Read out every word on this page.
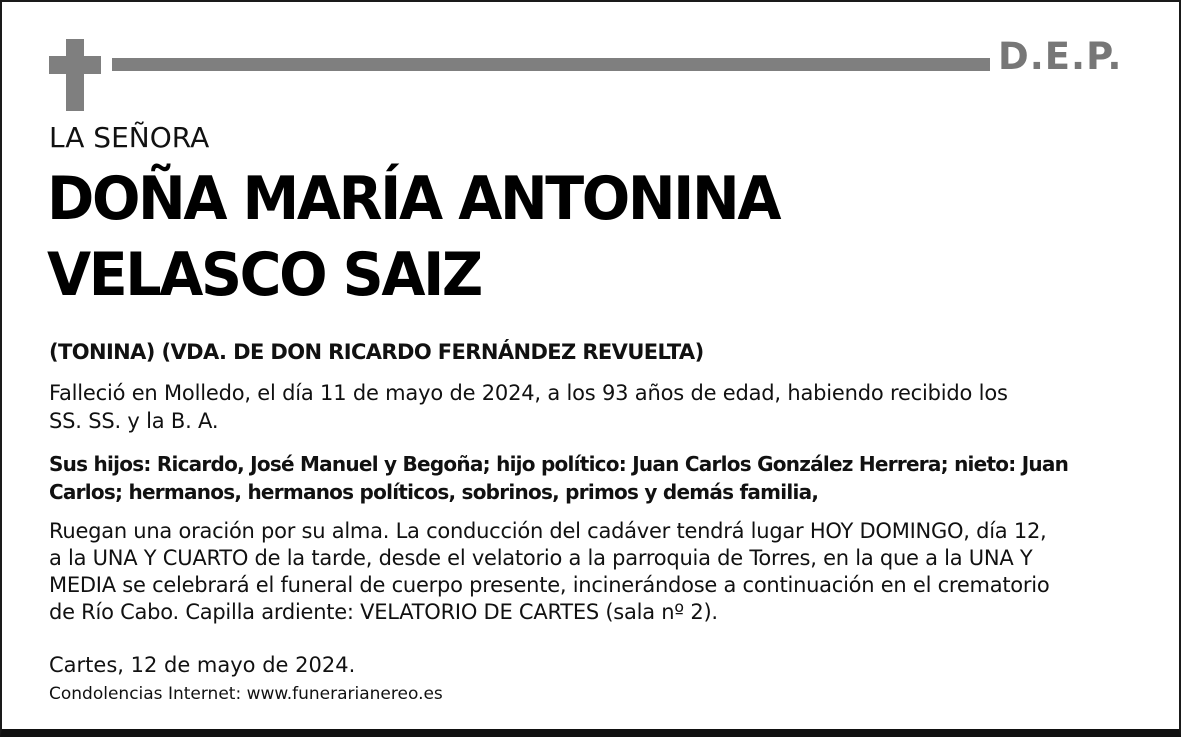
D.E.P.
LA SEÑORA
DOÑA MARÍA ANTONINA
VELASCO SAIZ
(TONINA) (VDA. DE DON RICARDO FERNÁNDEZ REVUELTA)
Falleció en Molledo, el día 11 de mayo de 2024, a los 93 años de edad, habiendo recibido los
SS. SS. y la B. A.
Sus hijos: Ricardo, José Manuel y Begoña; hijo político: Juan Carlos González Herrera; nieto: Juan
Carlos; hermanos, hermanos políticos, sobrinos, primos y demás familia,
Ruegan una oración por su alma. La conducción del cadáver tendrá lugar HOY DOMINGO, día 12,
a la UNA Y CUARTO de la tarde, desde el velatorio a la parroquia de Torres, en la que a la UNA Y
MEDIA se celebrará el funeral de cuerpo presente, incinerándose a continuación en el crematorio
de Río Cabo. Capilla ardiente: VELATORIO DE CARTES (sala nº 2).
Cartes, 12 de mayo de 2024.
Condolencias Internet: www.funerarianereo.es
